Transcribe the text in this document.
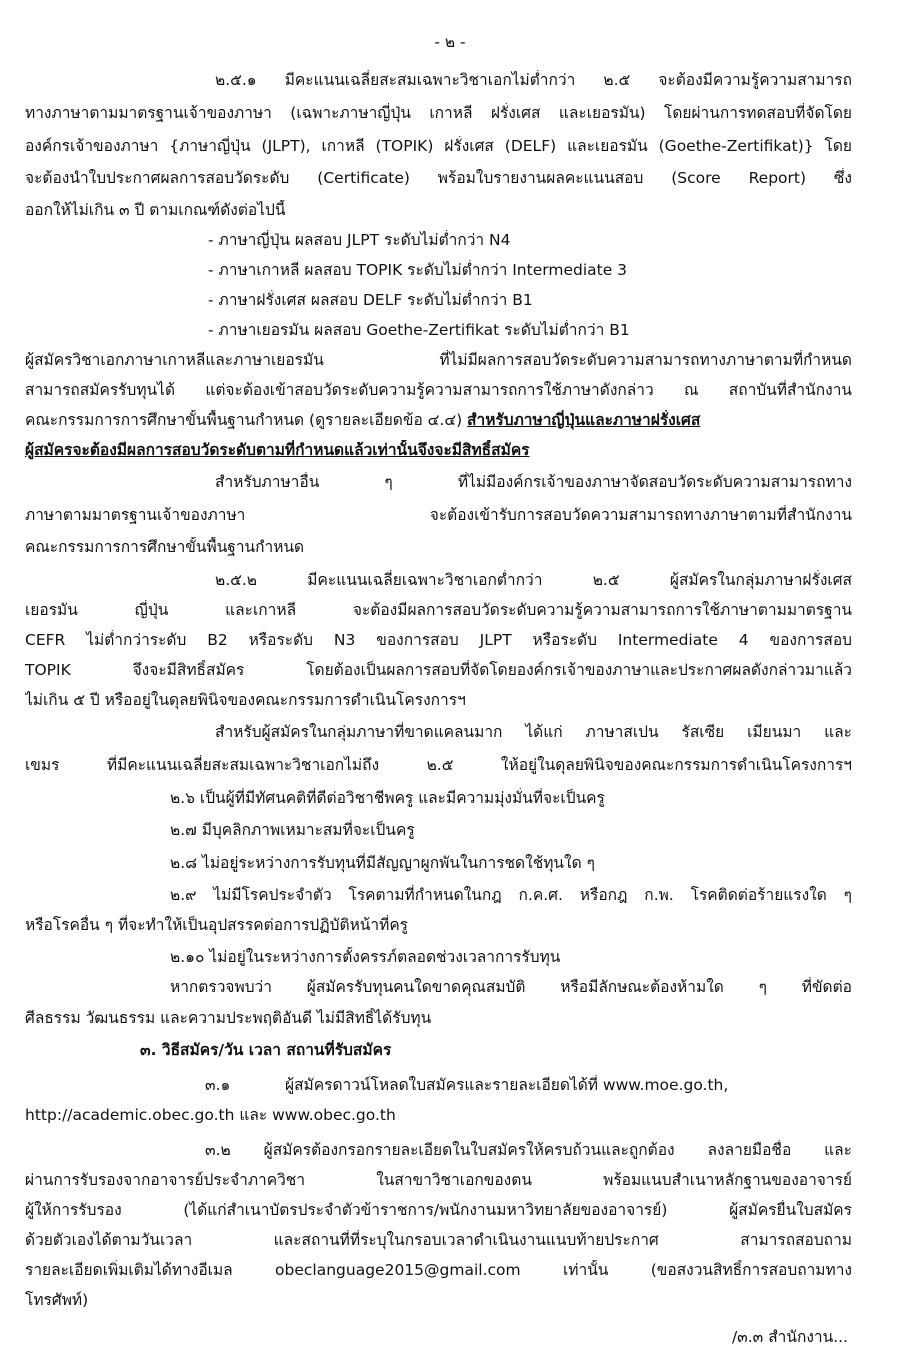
- ๒ -
๒.๕.๑ มีคะแนนเฉลี่ยสะสมเฉพาะวิชาเอกไม่ต่ำกว่า ๒.๕ จะต้องมีความรู้ความสามารถ
ทางภาษาตามมาตรฐานเจ้าของภาษา (เฉพาะภาษาญี่ปุ่น เกาหลี ฝรั่งเศส และเยอรมัน) โดยผ่านการทดสอบที่จัดโดย
องค์กรเจ้าของภาษา {ภาษาญี่ปุ่น (JLPT), เกาหลี (TOPIK) ฝรั่งเศส (DELF) และเยอรมัน (Goethe-Zertifikat)} โดย
จะต้องนำใบประกาศผลการสอบวัดระดับ (Certificate) พร้อมใบรายงานผลคะแนนสอบ (Score Report) ซึ่ง
ออกให้ไม่เกิน ๓ ปี ตามเกณฑ์ดังต่อไปนี้
- ภาษาญี่ปุ่น ผลสอบ JLPT ระดับไม่ต่ำกว่า N4
- ภาษาเกาหลี ผลสอบ TOPIK ระดับไม่ต่ำกว่า Intermediate 3
- ภาษาฝรั่งเศส ผลสอบ DELF ระดับไม่ต่ำกว่า B1
- ภาษาเยอรมัน ผลสอบ Goethe-Zertifikat ระดับไม่ต่ำกว่า B1
ผู้สมัครวิชาเอกภาษาเกาหลีและภาษาเยอรมัน ที่ไม่มีผลการสอบวัดระดับความสามารถทางภาษาตามที่กำหนด
สามารถสมัครรับทุนได้ แต่จะต้องเข้าสอบวัดระดับความรู้ความสามารถการใช้ภาษาดังกล่าว ณ สถาบันที่สำนักงาน
คณะกรรมการการศึกษาขั้นพื้นฐานกำหนด (ดูรายละเอียดข้อ ๔.๔) สำหรับภาษาญี่ปุ่นและภาษาฝรั่งเศส
ผู้สมัครจะต้องมีผลการสอบวัดระดับตามที่กำหนดแล้วเท่านั้นจึงจะมีสิทธิ์สมัคร
สำหรับภาษาอื่น ๆ ที่ไม่มีองค์กรเจ้าของภาษาจัดสอบวัดระดับความสามารถทาง
ภาษาตามมาตรฐานเจ้าของภาษา จะต้องเข้ารับการสอบวัดความสามารถทางภาษาตามที่สำนักงาน
คณะกรรมการการศึกษาขั้นพื้นฐานกำหนด
๒.๕.๒ มีคะแนนเฉลี่ยเฉพาะวิชาเอกต่ำกว่า ๒.๕ ผู้สมัครในกลุ่มภาษาฝรั่งเศส
เยอรมัน ญี่ปุ่น และเกาหลี จะต้องมีผลการสอบวัดระดับความรู้ความสามารถการใช้ภาษาตามมาตรฐาน
CEFR ไม่ต่ำกว่าระดับ B2 หรือระดับ N3 ของการสอบ JLPT หรือระดับ Intermediate 4 ของการสอบ
TOPIK จึงจะมีสิทธิ์สมัคร โดยต้องเป็นผลการสอบที่จัดโดยองค์กรเจ้าของภาษาและประกาศผลดังกล่าวมาแล้ว
ไม่เกิน ๕ ปี หรืออยู่ในดุลยพินิจของคณะกรรมการดำเนินโครงการฯ
สำหรับผู้สมัครในกลุ่มภาษาที่ขาดแคลนมาก ได้แก่ ภาษาสเปน รัสเซีย เมียนมา และ
เขมร ที่มีคะแนนเฉลี่ยสะสมเฉพาะวิชาเอกไม่ถึง ๒.๕ ให้อยู่ในดุลยพินิจของคณะกรรมการดำเนินโครงการฯ
๒.๖ เป็นผู้ที่มีทัศนคติที่ดีต่อวิชาชีพครู และมีความมุ่งมั่นที่จะเป็นครู
๒.๗ มีบุคลิกภาพเหมาะสมที่จะเป็นครู
๒.๘ ไม่อยู่ระหว่างการรับทุนที่มีสัญญาผูกพันในการชดใช้ทุนใด ๆ
๒.๙ ไม่มีโรคประจำตัว โรคตามที่กำหนดในกฎ ก.ค.ศ. หรือกฎ ก.พ. โรคติดต่อร้ายแรงใด ๆ
หรือโรคอื่น ๆ ที่จะทำให้เป็นอุปสรรคต่อการปฏิบัติหน้าที่ครู
๒.๑๐ ไม่อยู่ในระหว่างการตั้งครรภ์ตลอดช่วงเวลาการรับทุน
หากตรวจพบว่า ผู้สมัครรับทุนคนใดขาดคุณสมบัติ หรือมีลักษณะต้องห้ามใด ๆ ที่ขัดต่อ
ศีลธรรม วัฒนธรรม และความประพฤติอันดี ไม่มีสิทธิ์ได้รับทุน
๓. วิธีสมัคร/วัน เวลา สถานที่รับสมัคร
๓.๑	ผู้สมัครดาวน์โหลดใบสมัครและรายละเอียดได้ที่ www.moe.go.th,
http://academic.obec.go.th และ www.obec.go.th
๓.๒ ผู้สมัครต้องกรอกรายละเอียดในใบสมัครให้ครบถ้วนและถูกต้อง ลงลายมือชื่อ และ
ผ่านการรับรองจากอาจารย์ประจำภาควิชา ในสาขาวิชาเอกของตน พร้อมแนบสำเนาหลักฐานของอาจารย์
ผู้ให้การรับรอง (ได้แก่สำเนาบัตรประจำตัวข้าราชการ/พนักงานมหาวิทยาลัยของอาจารย์) ผู้สมัครยื่นใบสมัคร
ด้วยตัวเองได้ตามวันเวลา และสถานที่ที่ระบุในกรอบเวลาดำเนินงานแนบท้ายประกาศ สามารถสอบถาม
รายละเอียดเพิ่มเติมได้ทางอีเมล obeclanguage2015@gmail.com เท่านั้น (ขอสงวนสิทธิ์การสอบถามทาง
โทรศัพท์)
/๓.๓ สำนักงาน...
